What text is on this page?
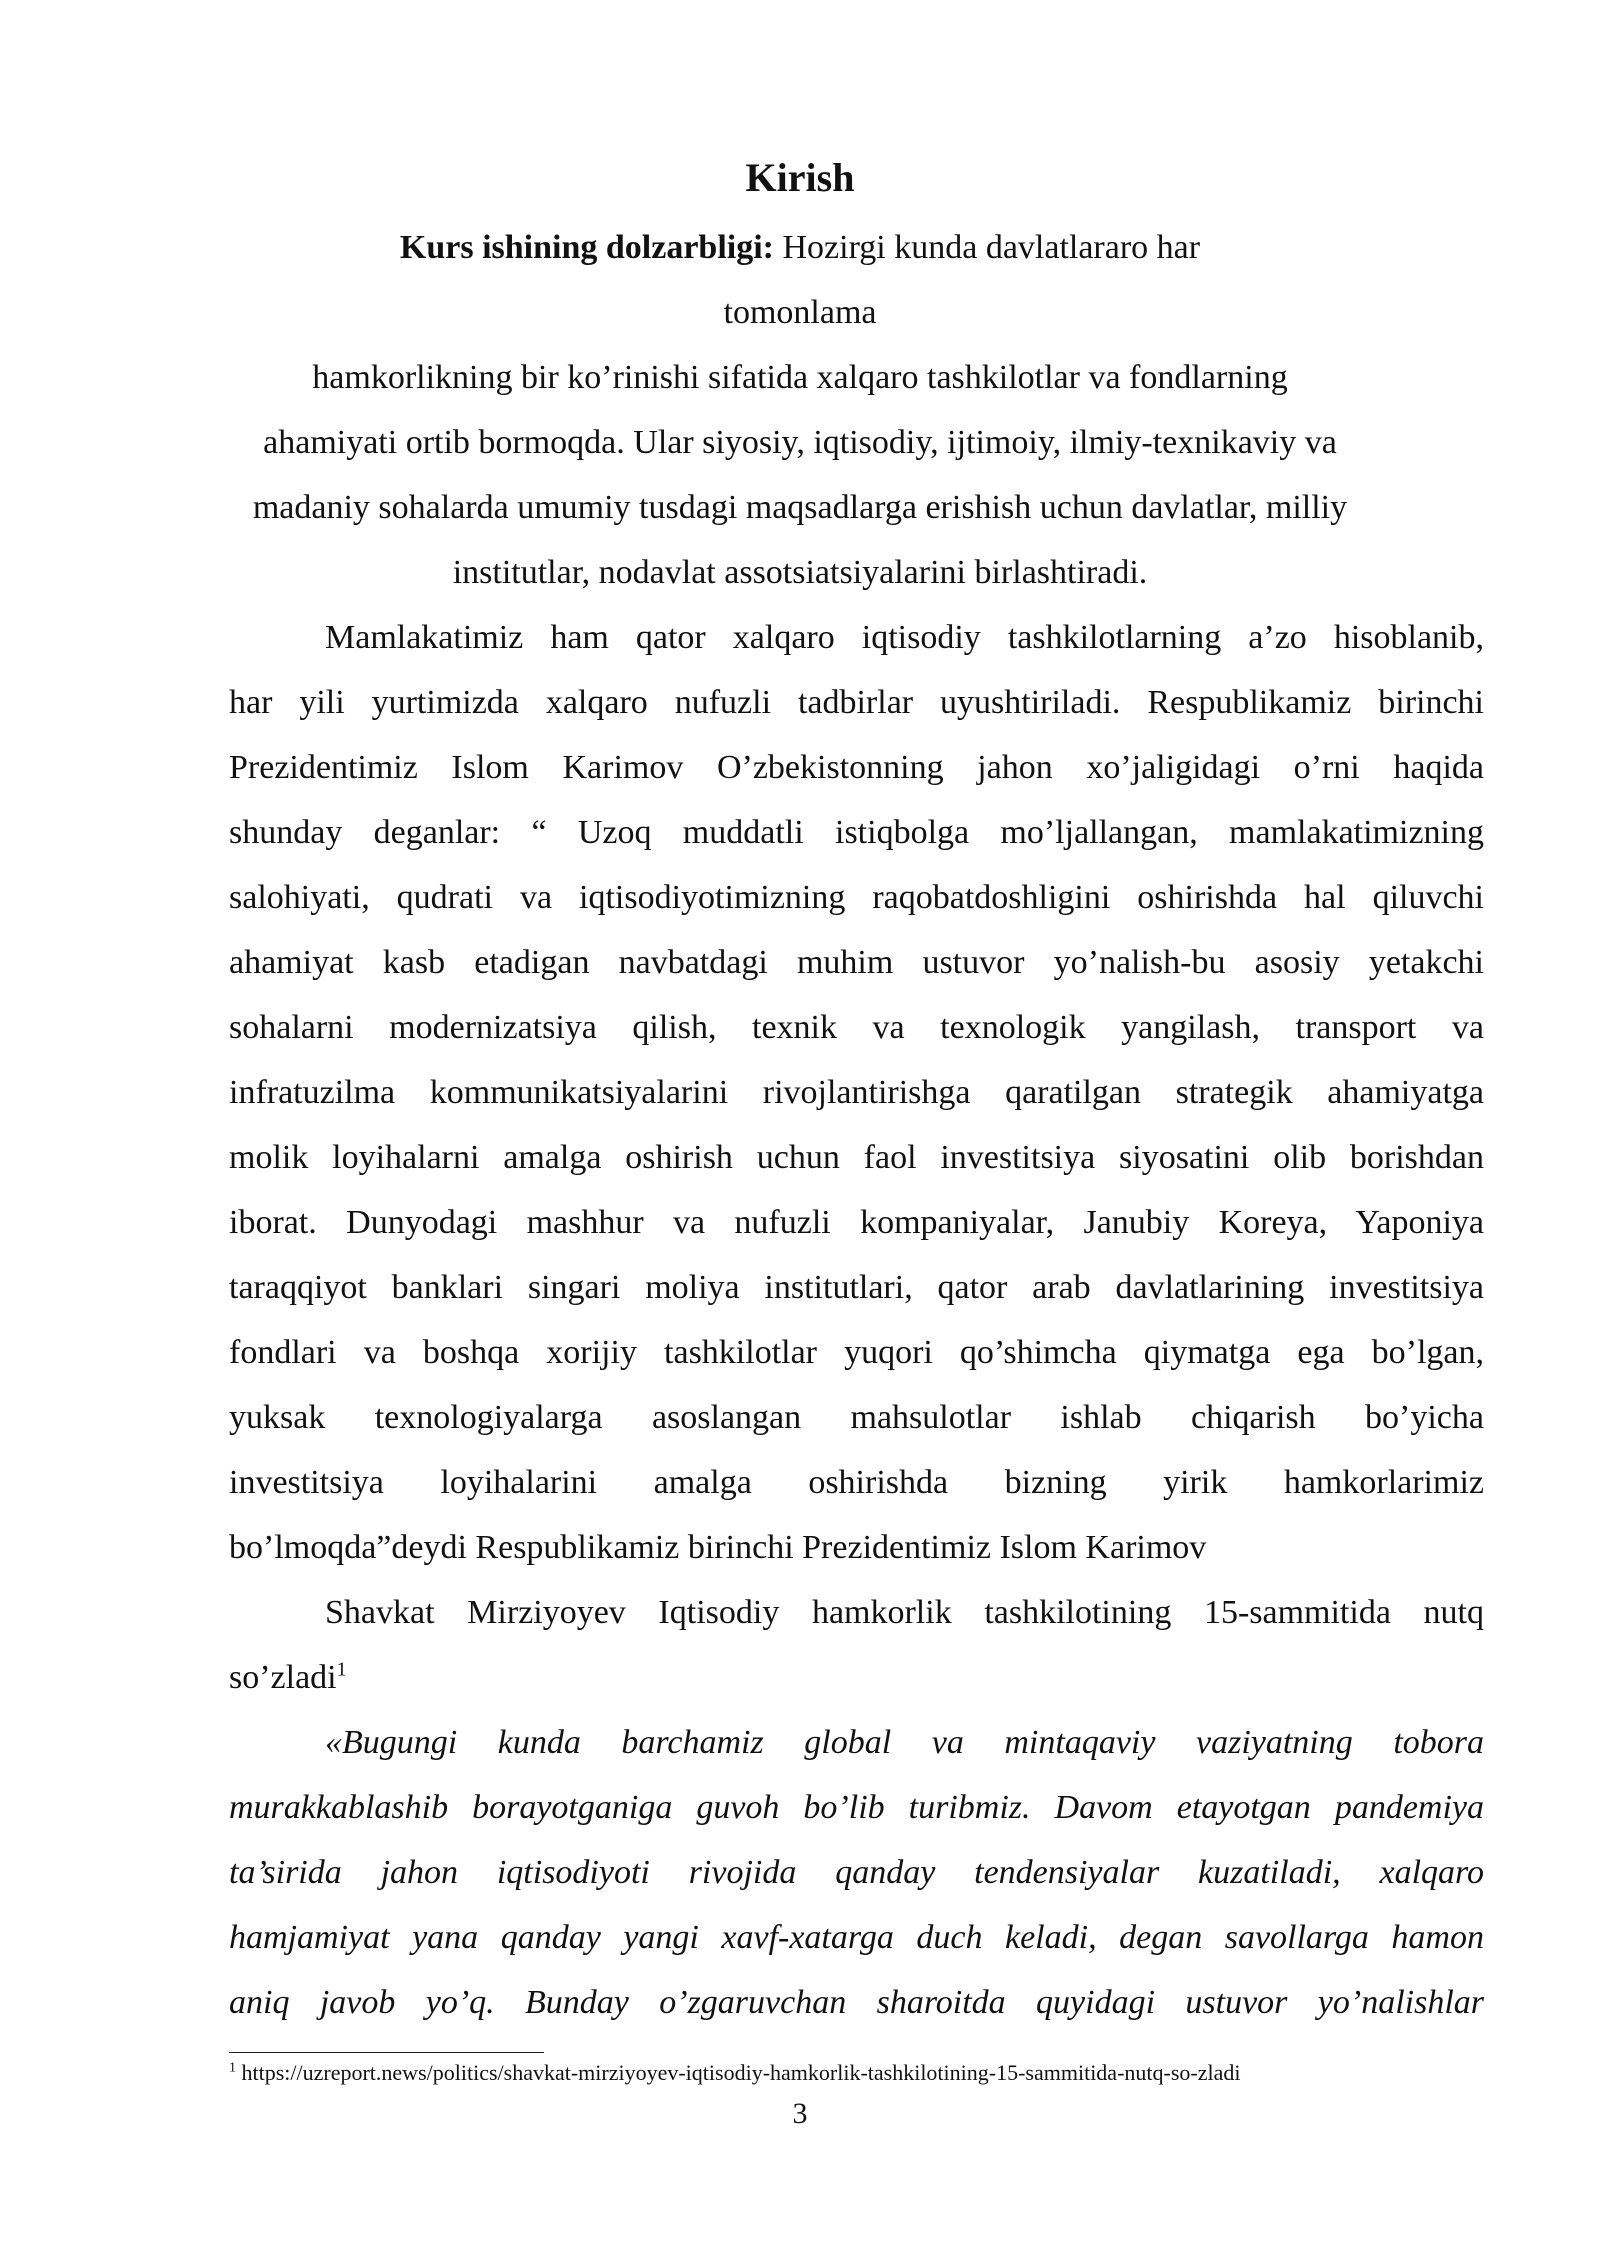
Kirish
Kurs ishining dolzarbligi: Hozirgi kunda davlatlararo har
tomonlama
hamkorlikning bir ko’rinishi sifatida xalqaro tashkilotlar va fondlarning
ahamiyati ortib bormoqda. Ular siyosiy, iqtisodiy, ijtimoiy, ilmiy-texnikaviy va
madaniy sohalarda umumiy tusdagi maqsadlarga erishish uchun davlatlar, milliy
institutlar, nodavlat assotsiatsiyalarini birlashtiradi.
Mamlakatimiz ham qator xalqaro iqtisodiy tashkilotlarning a’zo hisoblanib,
har yili yurtimizda xalqaro nufuzli tadbirlar uyushtiriladi. Respublikamiz birinchi
Prezidentimiz Islom Karimov O’zbekistonning jahon xo’jaligidagi o’rni haqida
shunday deganlar: “ Uzoq muddatli istiqbolga mo’ljallangan, mamlakatimizning
salohiyati, qudrati va iqtisodiyotimizning raqobatdoshligini oshirishda hal qiluvchi
ahamiyat kasb etadigan navbatdagi muhim ustuvor yo’nalish-bu asosiy yetakchi
sohalarni modernizatsiya qilish, texnik va texnologik yangilash, transport va
infratuzilma kommunikatsiyalarini rivojlantirishga qaratilgan strategik ahamiyatga
molik loyihalarni amalga oshirish uchun faol investitsiya siyosatini olib borishdan
iborat. Dunyodagi mashhur va nufuzli kompaniyalar, Janubiy Koreya, Yaponiya
taraqqiyot banklari singari moliya institutlari, qator arab davlatlarining investitsiya
fondlari va boshqa xorijiy tashkilotlar yuqori qo’shimcha qiymatga ega bo’lgan,
yuksak texnologiyalarga asoslangan mahsulotlar ishlab chiqarish bo’yicha
investitsiya loyihalarini amalga oshirishda bizning yirik hamkorlarimiz
bo’lmoqda”deydi Respublikamiz birinchi Prezidentimiz Islom Karimov
Shavkat Mirziyoyev Iqtisodiy hamkorlik tashkilotining 15-sammitida nutq
so’zladi$^1$
«Bugungi kunda barchamiz global va mintaqaviy vaziyatning tobora
murakkablashib borayotganiga guvoh bo’lib turibmiz. Davom etayotgan pandemiya
ta’sirida jahon iqtisodiyoti rivojida qanday tendensiyalar kuzatiladi, xalqaro
hamjamiyat yana qanday yangi xavf-xatarga duch keladi, degan savollarga hamon
aniq javob yo’q. Bunday o’zgaruvchan sharoitda quyidagi ustuvor yo’nalishlar
$^1$ https://uzreport.news/politics/shavkat-mirziyoyev-iqtisodiy-hamkorlik-tashkilotining-15-sammitida-nutq-so-zladi
3
